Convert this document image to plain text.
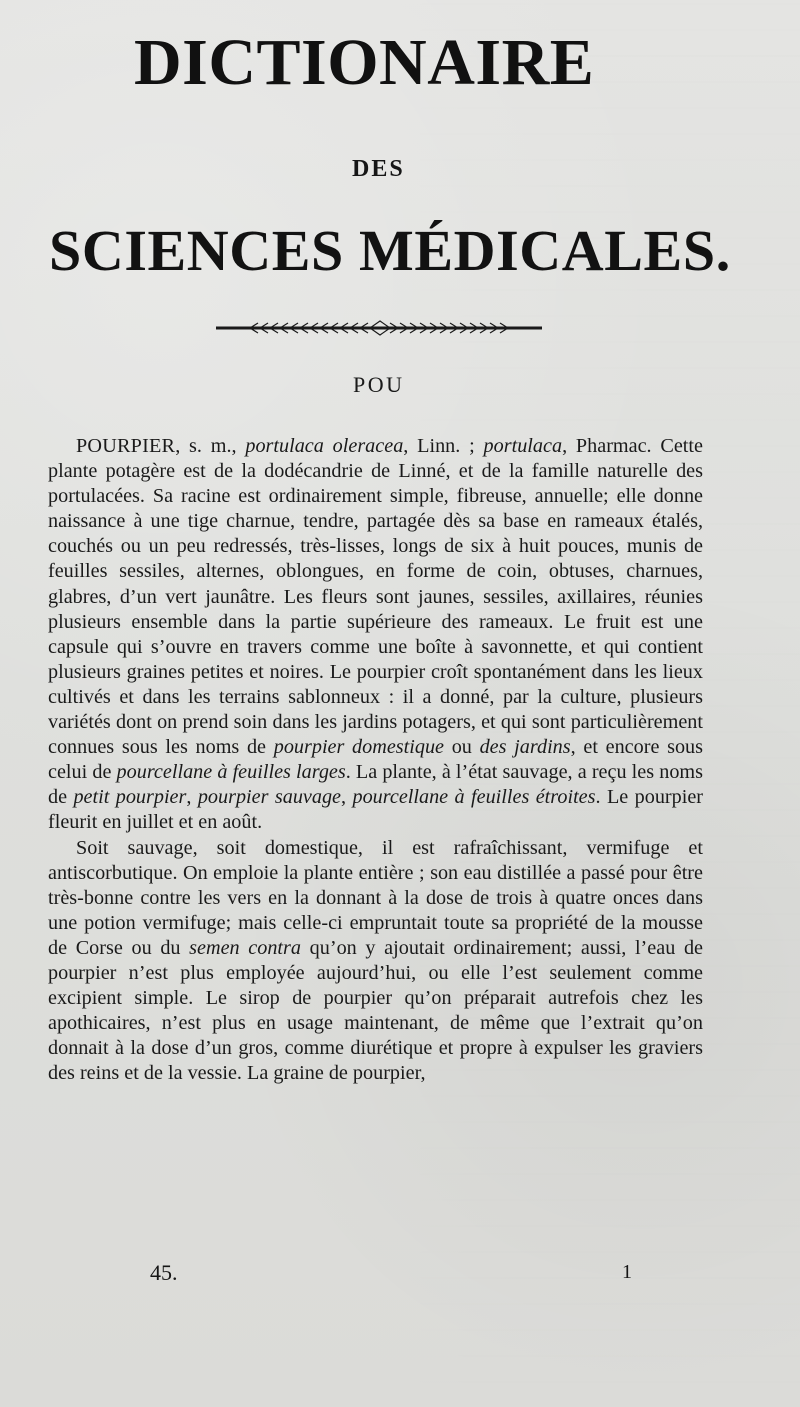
DICTIONAIRE
DES
SCIENCES MÉDICALES.
POU

POURPIER, s. m., portulaca oleracea, Linn. ; portulaca, Pharmac. Cette plante potagère est de la dodécandrie de Linné, et de la famille naturelle des portulacées. Sa racine est ordinairement simple, fibreuse, annuelle; elle donne naissance à une tige charnue, tendre, partagée dès sa base en rameaux étalés, couchés ou un peu redressés, très-lisses, longs de six à huit pouces, munis de feuilles sessiles, alternes, oblongues, en forme de coin, obtuses, charnues, glabres, d’un vert jaunâtre. Les fleurs sont jaunes, sessiles, axillaires, réunies plusieurs ensemble dans la partie supérieure des rameaux. Le fruit est une capsule qui s’ouvre en travers comme une boîte à savonnette, et qui contient plusieurs graines petites et noires. Le pourpier croît spontanément dans les lieux cultivés et dans les terrains sablonneux : il a donné, par la culture, plusieurs variétés dont on prend soin dans les jardins potagers, et qui sont particulièrement connues sous les noms de pourpier domestique ou des jardins, et encore sous celui de pourcellane à feuilles larges. La plante, à l’état sauvage, a reçu les noms de petit pourpier, pourpier sauvage, pourcellane à feuilles étroites. Le pourpier fleurit en juillet et en août.

Soit sauvage, soit domestique, il est rafraîchissant, vermifuge et antiscorbutique. On emploie la plante entière ; son eau distillée a passé pour être très-bonne contre les vers en la donnant à la dose de trois à quatre onces dans une potion vermifuge; mais celle-ci empruntait toute sa propriété de la mousse de Corse ou du semen contra qu’on y ajoutait ordinairement; aussi, l’eau de pourpier n’est plus employée aujourd’hui, ou elle l’est seulement comme excipient simple. Le sirop de pourpier qu’on préparait autrefois chez les apothicaires, n’est plus en usage maintenant, de même que l’extrait qu’on donnait à la dose d’un gros, comme diurétique et propre à expulser les graviers des reins et de la vessie. La graine de pourpier,

45.	1
